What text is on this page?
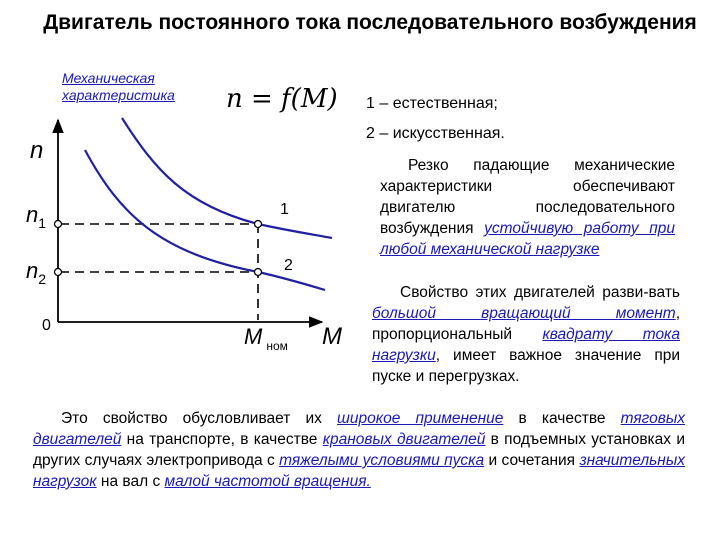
Двигатель постоянного тока последовательного возбуждения
Механическая
характеристика n = f(M) 1 – естественная;
2 – искусственная.
n
$n_1$
$n_2$
0
1
2
M $_{ном}$ M
Резко падающие механические характеристики обеспечивают двигателю последовательного возбуждения устойчивую работу при любой механической нагрузке
Свойство этих двигателей разви-вать большой вращающий момент, пропорциональный квадрату тока нагрузки, имеет важное значение при пуске и перегрузках.
Это свойство обусловливает их широкое применение в качестве тяговых двигателей на транспорте, в качестве крановых двигателей в подъемных установках и других случаях электропривода с тяжелыми условиями пуска и сочетания значительных нагрузок на вал с малой частотой вращения.
